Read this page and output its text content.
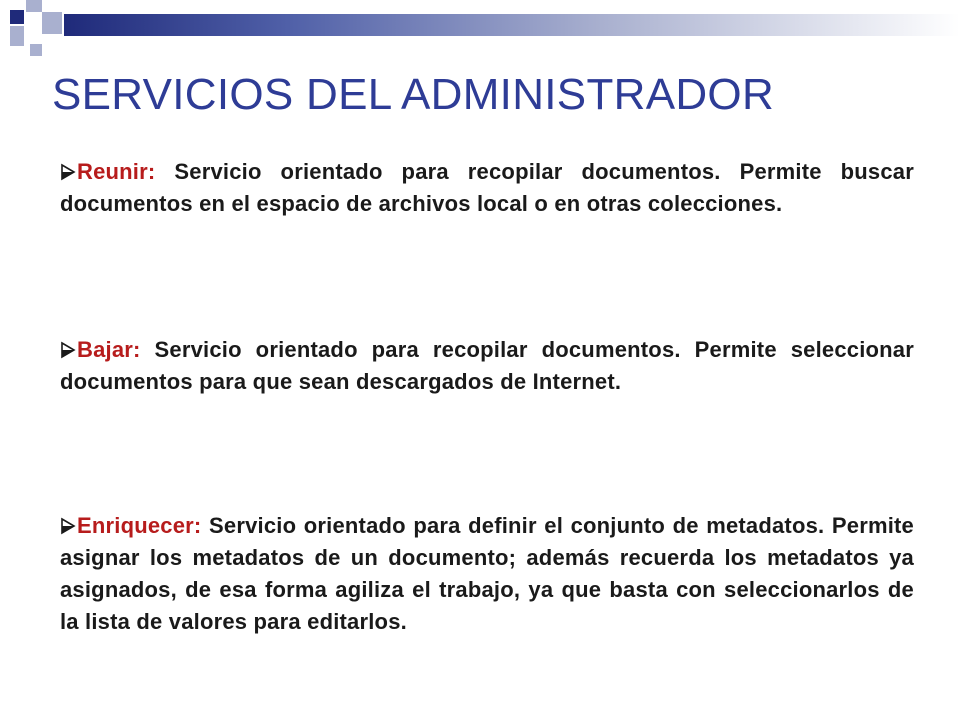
SERVICIOS DEL ADMINISTRADOR
Reunir: Servicio orientado para recopilar documentos. Permite buscar documentos en el espacio de archivos local o en otras colecciones.
Bajar: Servicio orientado para recopilar documentos. Permite seleccionar documentos para que sean descargados de Internet.
Enriquecer: Servicio orientado para definir el conjunto de metadatos. Permite asignar los metadatos de un documento; además recuerda los metadatos ya asignados, de esa forma agiliza el trabajo, ya que basta con seleccionarlos de la lista de valores para editarlos.
